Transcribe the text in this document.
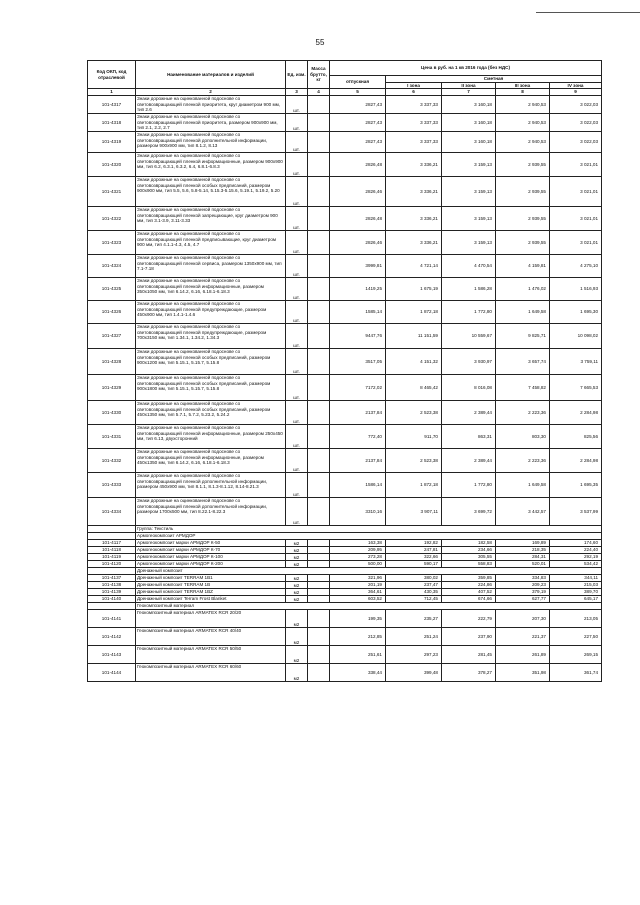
55
Код ОКП, код отраслевой	Наименование материалов и изделий	Ед. изм.	Масса брутто, кг	Цена в руб. на 1 кв 2016 года (без НДС)				
				отпускная	Сметная			
					I зона	II зона	III зона	IV зона
1	2	3	4	5	6	7	8	9
101-4317	Знаки дорожные на оцинкованной подоснове со световозвращающей пленкой приоритета, круг диаметром 900 мм, тип 2.6	шт.		2827,43	3 337,33	3 160,18	2 940,53	3 022,03
101-4318	Знаки дорожные на оцинкованной подоснове со световозвращающей пленкой приоритета, размером 900х900 мм, тип 2.1, 2.2, 2.7	шт.		2827,43	3 337,33	3 160,18	2 940,53	3 022,03
101-4319	Знаки дорожные на оцинкованной подоснове со световозвращающей пленкой дополнительной информации, размером 900х900 мм, тип 8.1.2, 8.13	шт.		2827,43	3 337,33	3 160,18	2 940,53	3 022,03
101-4320	Знаки дорожные на оцинкованной подоснове со световозвращающей пленкой информационные, размером 900х900 мм, тип 6.2, 6.3.1, 6.3.2, 6.4, 6.8.1-6.8.3	шт.		2826,48	3 336,21	3 159,13	2 939,55	3 021,01
101-4321	Знаки дорожные на оцинкованной подоснове со световозвращающей пленкой особых предписаний, размером 900х900 мм, тип 5.5, 5.6, 5.8-5.14, 5.15.3-5.15.6, 5.19.1, 5.19.2, 5.20	шт.		2826,46	3 336,21	3 159,13	2 939,55	3 021,01
101-4322	Знаки дорожные на оцинкованной подоснове со световозвращающей пленкой запрещающие, круг диаметром 900 мм, тип 3.1-3.9, 3.11-3.33	шт.		2826,48	3 336,21	3 159,13	2 939,55	3 021,01
101-4323	Знаки дорожные на оцинкованной подоснове со световозвращающей пленкой предписывающие, круг диаметром 900 мм, тип 4.1.1-4.3, 4.5, 4.7	шт.		2826,46	3 336,21	3 159,13	2 939,55	3 021,01
101-4324	Знаки дорожные на оцинкованной подоснове со световозвращающей пленкой сервиса, размером 1350х900 мм, тип 7.1-7.18	шт.		3999,81	4 721,14	4 470,54	4 159,81	4 275,10
101-4325	Знаки дорожные на оцинкованной подоснове со световозвращающей пленкой информационные, размером 350х1050 мм, тип 6.14.2, 6.16, 6.18.1-6.18.3	шт.		1419,25	1 675,19	1 586,28	1 476,02	1 516,93
101-4326	Знаки дорожные на оцинкованной подоснове со световозвращающей пленкой предупреждающие, размером 450х900 мм, тип 1.4.1-1.4.6	шт.		1585,14	1 872,18	1 772,80	1 649,58	1 695,30
101-4327	Знаки дорожные на оцинкованной подоснове со световозвращающей пленкой предупреждающие, размером 700х3150 мм, тип 1.34.1, 1.34.2, 1.34.3	шт.		9447,76	11 151,59	10 559,67	9 825,71	10 098,02
101-4328	Знаки дорожные на оцинкованной подоснове со световозвращающей пленкой особых предписаний, размером 900х1200 мм, тип 5.15.1, 5.15.7, 5.15.8	шт.		3517,05	4 151,32	3 930,97	3 657,74	3 759,11
101-4329	Знаки дорожные на оцинкованной подоснове со световозвращающей пленкой особых предписаний, размером 900х1800 мм, тип 5.15.1, 5.15.7, 5.15.8	шт.		7172,02	8 465,42	8 016,08	7 458,82	7 665,53
101-4330	Знаки дорожные на оцинкованной подоснове со световозвращающей пленкой особых предписаний, размером 450х1350 мм, тип 5.7.1, 5.7.2, 5.23.2, 5.24.2	шт.		2137,84	2 523,38	2 389,44	2 223,36	2 284,98
101-4331	Знаки дорожные на оцинкованной подоснове со световозвращающей пленкой информационные, размером 250х450 мм, тип 6.13, двухсторонний	шт.		772,40	911,70	863,31	803,30	825,56
101-4332	Знаки дорожные на оцинкованной подоснове со световозвращающей пленкой информационные, размером 450х1350 мм, тип 6.14.2, 6.16, 6.18.1-6.18.3	шт.		2137,84	2 523,38	2 389,44	2 223,36	2 284,98
101-4333	Знаки дорожные на оцинкованной подоснове со световозвращающей пленкой дополнительной информации, размером 450х900 мм, тип 8.1.1, 8.1.3-8.1.12, 8.14-8.21.3	шт.		1586,14	1 872,18	1 772,80	1 649,58	1 695,35
101-4334	Знаки дорожные на оцинкованной подоснове со световозвращающей пленкой дополнительной информации, размером 1700х500 мм, тип 8.22.1-8.22.3	шт.		3310,16	3 907,11	3 699,72	3 442,57	3 537,99
	Группа: Текстиль							
	Армогеокомпозит АРМДОР							
101-4117	Армогеокомпозит марки АРМДОР К-50	м2		163,38	192,82	182,58	169,89	174,60
101-4118	Армогеокомпозит марки АРМДОР К-70	м2		209,95	247,81	234,66	218,35	224,40
101-4119	Армогеокомпозит марки АРМДОР К-100	м2		273,28	322,66	305,55	284,31	292,19
101-4120	Армогеокомпозит марки АРМДОР К-200	м2		500,00	590,17	558,83	520,01	534,42
	Дренажный композит							
101-4137	Дренажный композит TERRAM 1В1	м2		321,96	380,02	359,85	334,83	344,11
101-4138	Дренажный композит TERRAM 1В	м2		201,19	237,47	224,86	209,23	215,03
101-4139	Дренажный композит TERRAM 1ВZ	м2		364,61	430,35	407,52	379,19	389,70
101-4140	Дренажный композит Terram Frost Blanket	м2		603,52	712,45	674,66	627,77	645,17
	Геокомпозитный материал							
101-4141	Геокомпозитный материал ARMATEX RCR 20/20	м2		199,35	235,27	222,79	207,30	213,05
101-4142	Геокомпозитный материал ARMATEX RCR 40/40	м2		212,85	251,24	237,90	221,37	227,50
101-4143	Геокомпозитный материал ARMATEX RCR 50/50	м2		251,61	297,23	281,45	261,89	269,15
101-4144	Геокомпозитный материал ARMATEX RCR 60/60	м2		338,44	399,48	378,27	351,98	361,74
